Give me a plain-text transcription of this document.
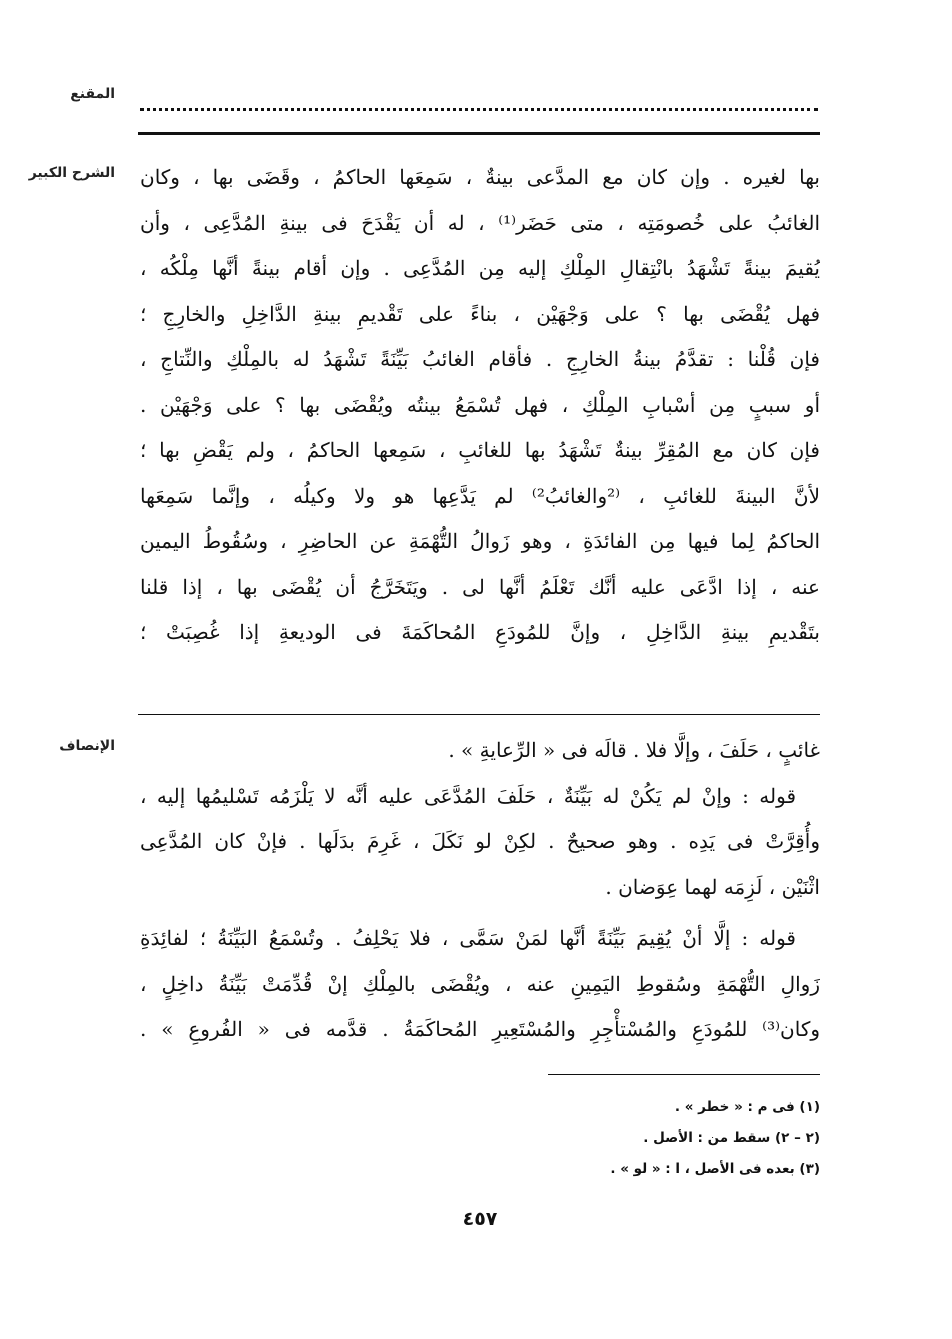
المقنع
الشرح الكبير بها لغيره . وإن كان مع المدَّعى بينةٌ ، سَمِعَها الحاكمُ ، وقَضَى بها ، وكان
الغائبُ على خُصومَتِه ، متى حَضَر⁽¹⁾ ، له أن يَقْدَحَ فى بينةِ المُدَّعِى ، وأن
يُقيمَ بينةً تَشْهَدُ بانْتِقالِ المِلْكِ إليه مِن المُدَّعِى . وإن أقام بينةً أنَّها مِلْكُه ،
فهل يُقْضَى بها ؟ على وَجْهَيْن ، بناءً على تَقْديمِ بينةِ الدَّاخِلِ والخارِجِ ؛
فإن قُلْنا : تقدَّمُ بينةُ الخارِجِ . فأقام الغائبُ بَيِّنَةً تَشْهَدُ له بالمِلْكِ والنِّتاجِ ،
أو سببٍ مِن أسْبابِ المِلْكِ ، فهل تُسْمَعُ بينتُه ويُقْضَى بها ؟ على وَجْهَيْن .
فإن كان مع المُقِرِّ بينةٌ تَشْهَدُ بها للغائبِ ، سَمِعها الحاكمُ ، ولم يَقْضِ بها ؛
لأنَّ البينةَ للغائبِ ، ⁽²والغائبُ²⁾ لم يَدَّعِها هو ولا وكيلُه ، وإنَّما سَمِعَها
الحاكمُ لِما فيها مِن الفائدَةِ ، وهو زَوالُ التُّهْمَةِ عن الحاضِرِ ، وسُقُوطُ اليمين
عنه ، إذا ادَّعَى عليه أنَّك تَعْلَمُ أنَّها لى . ويَتَخَرَّجُ أن يُقْضَى بها ، إذا قلنا
بتَقْديمِ بينةِ الدَّاخِلِ ، وإنَّ للمُودَعِ المُحاكَمَةَ فى الوديعةِ إذا غُصِبَتْ ؛
الإنصاف	غائبٍ ، حَلَفَ ، وإلَّا فلا . قالَه فى « الرِّعايةِ » .
قوله : وإنْ لم يَكُنْ له بَيِّنَةٌ ، حَلَفَ المُدَّعَى عليه أنَّه لا يَلْزَمُه تَسْليمُها إليه ،
وأُقِرَّتْ فى يَدِه . وهو صحيحٌ . لكِنْ لو نَكَلَ ، غَرِمَ بدَلَها . فإنْ كان المُدَّعِى
اثْنَيْن ، لَزِمَه لهما عِوَضان .
قوله : إلَّا أنْ يُقِيمَ بَيِّنَةً أنَّها لمَنْ سَمَّى ، فلا يَحْلِفُ . وتُسْمَعُ البَيِّنَةُ ؛ لفائِدَةِ
زَوالِ التُّهْمَةِ وسُقوطِ اليَمِينِ عنه ، ويُقْضَى بالمِلْكِ إنْ قُدِّمَتْ بَيِّنَةُ داخِلٍ ،
وكان⁽³⁾ للمُودَعِ والمُسْتأْجِرِ والمُسْتَعِيرِ المُحاكَمَةُ . قدَّمه فى « الفُروعِ » .
(١) فى م : « خطر » .
(٢ – ٢) سقط من : الأصل .
(٣) بعده فى الأصل ، ا : « لو » .
٤٥٧
